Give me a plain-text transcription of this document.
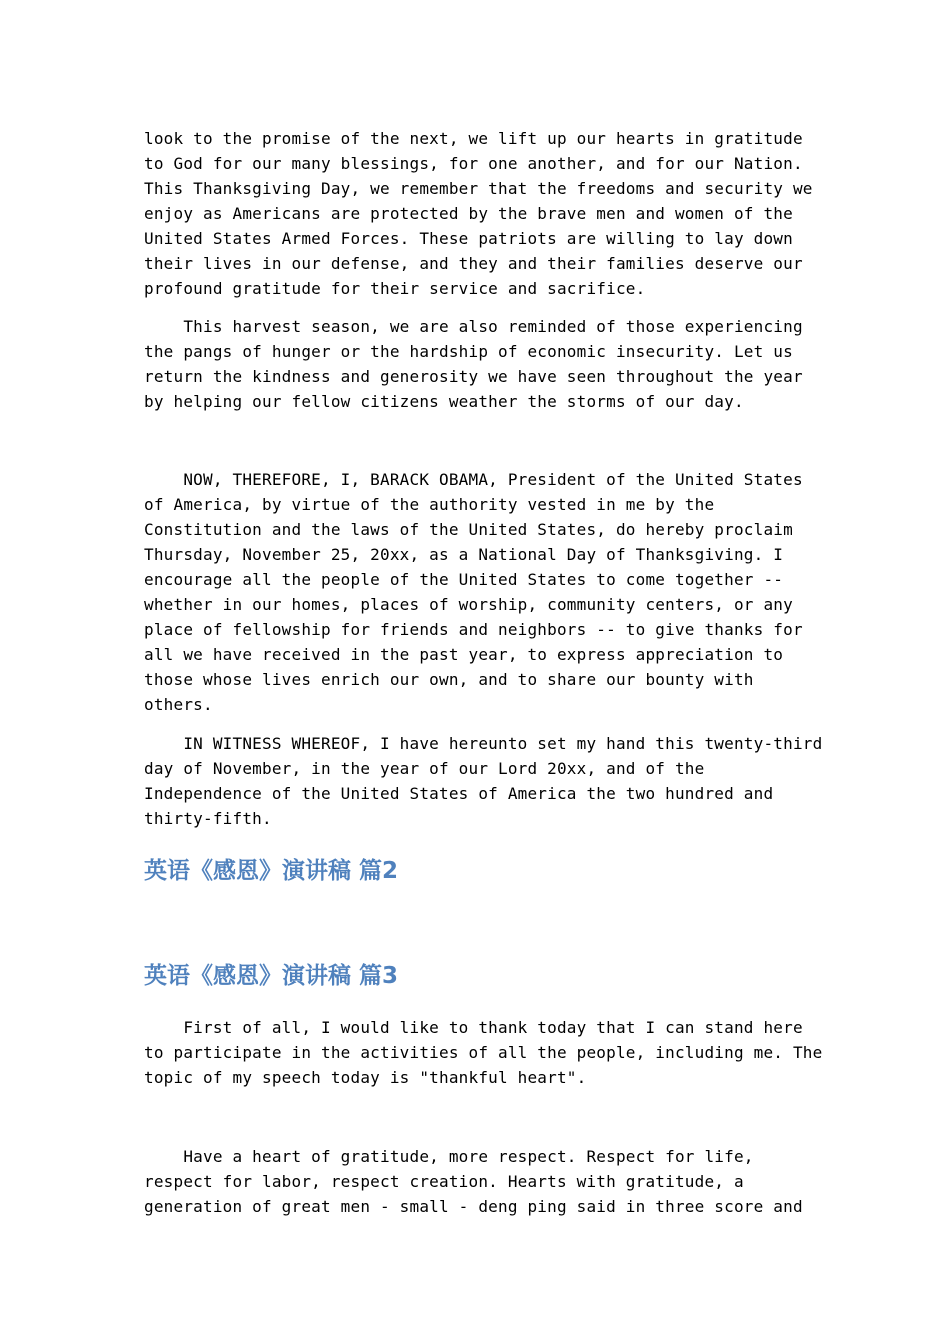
look to the promise of the next, we lift up our hearts in gratitude
to God for our many blessings, for one another, and for our Nation.
This Thanksgiving Day, we remember that the freedoms and security we
enjoy as Americans are protected by the brave men and women of the
United States Armed Forces. These patriots are willing to lay down
their lives in our defense, and they and their families deserve our
profound gratitude for their service and sacrifice.

This harvest season, we are also reminded of those experiencing
the pangs of hunger or the hardship of economic insecurity. Let us
return the kindness and generosity we have seen throughout the year
by helping our fellow citizens weather the storms of our day.

NOW, THEREFORE, I, BARACK OBAMA, President of the United States
of America, by virtue of the authority vested in me by the
Constitution and the laws of the United States, do hereby proclaim
Thursday, November 25, 20xx, as a National Day of Thanksgiving. I
encourage all the people of the United States to come together --
whether in our homes, places of worship, community centers, or any
place of fellowship for friends and neighbors -- to give thanks for
all we have received in the past year, to express appreciation to
those whose lives enrich our own, and to share our bounty with
others.

IN WITNESS WHEREOF, I have hereunto set my hand this twenty-third
day of November, in the year of our Lord 20xx, and of the
Independence of the United States of America the two hundred and
thirty-fifth.

英语《感恩》演讲稿 篇2
英语《感恩》演讲稿 篇3

First of all, I would like to thank today that I can stand here
to participate in the activities of all the people, including me. The
topic of my speech today is "thankful heart".

Have a heart of gratitude, more respect. Respect for life,
respect for labor, respect creation. Hearts with gratitude, a
generation of great men - small - deng ping said in three score and
